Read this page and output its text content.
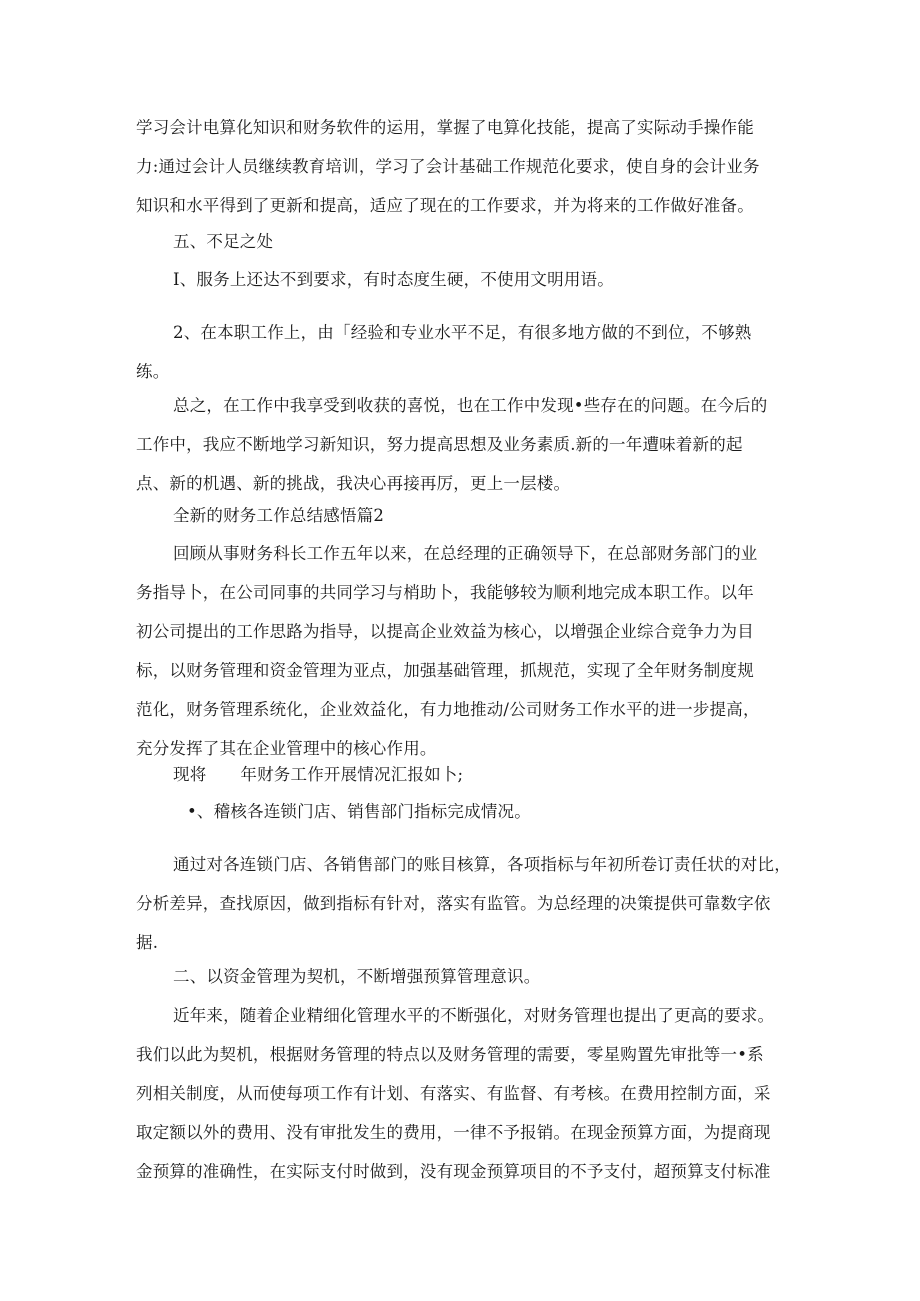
学习会计电算化知识和财务软件的运用，掌握了电算化技能，提高了实际动手操作能
力:通过会计人员继续教育培训，学习了会计基础工作规范化要求，使自身的会计业务
知识和水平得到了更新和提高，适应了现在的工作要求，并为将来的工作做好准备。

五、不足之处

I、服务上还达不到要求，有时态度生硬，不使用文明用语。

2、在本职工作上，由「经验和专业水平不足，有很多地方做的不到位，不够熟
练。

总之，在工作中我享受到收获的喜悦，也在工作中发现•些存在的问题。在今后的
工作中，我应不断地学习新知识，努力提高思想及业务素质.新的一年遭味着新的起
点、新的机遇、新的挑战，我决心再接再厉，更上一层楼。

全新的财务工作总结感悟篇2

回顾从事财务科长工作五年以来，在总经理的正确领导下，在总部财务部门的业
务指导卜，在公司同事的共同学习与梢助卜，我能够较为顺利地完成本职工作。以年
初公司提出的工作思路为指导，以提高企业效益为核心，以增强企业综合竞争力为目
标，以财务管理和资金管理为亚点，加强基础管理，抓规范，实现了全年财务制度规
范化，财务管理系统化，企业效益化，有力地推动/公司财务工作水平的进一步提高，
充分发挥了其在企业管理中的核心作用。

现将 年财务工作开展情况汇报如卜;

•、稽核各连锁门店、销售部门指标完成情况。

通过对各连锁门店、各销售部门的账目核算，各项指标与年初所卷订责任状的对比，
分析差异，查找原因，做到指标有针对，落实有监管。为总经理的决策提供可靠数字依
据.

二、以资金管理为契机，不断增强预算管理意识。

近年来，随着企业精细化管理水平的不断强化，对财务管理也提出了更高的要求。
我们以此为契机，根据财务管理的特点以及财务管理的需要，零星购置先审批等一•系
列相关制度，从而使每项工作有计划、有落实、有监督、有考核。在费用控制方面，采
取定额以外的费用、没有审批发生的费用，一律不予报销。在现金预算方面，为提商现
金预算的准确性，在实际支付时做到，没有现金预算项目的不予支付，超预算支付标准
